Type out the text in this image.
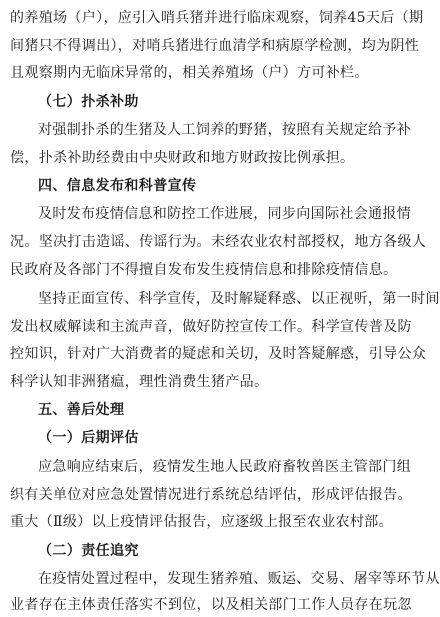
的养殖场（户），应引入哨兵猪并进行临床观察，饲养45天后（期
间猪只不得调出），对哨兵猪进行血清学和病原学检测，均为阴性
且观察期内无临床异常的，相关养殖场（户）方可补栏。
（七）扑杀补助
对强制扑杀的生猪及人工饲养的野猪，按照有关规定给予补
偿，扑杀补助经费由中央财政和地方财政按比例承担。
四、信息发布和科普宣传
及时发布疫情信息和防控工作进展，同步向国际社会通报情
况。坚决打击造谣、传谣行为。未经农业农村部授权，地方各级人
民政府及各部门不得擅自发布发生疫情信息和排除疫情信息。
坚持正面宣传、科学宣传，及时解疑释惑、以正视听，第一时间
发出权威解读和主流声音，做好防控宣传工作。科学宣传普及防
控知识，针对广大消费者的疑虑和关切，及时答疑解惑，引导公众
科学认知非洲猪瘟，理性消费生猪产品。
五、善后处理
（一）后期评估
应急响应结束后，疫情发生地人民政府畜牧兽医主管部门组
织有关单位对应急处置情况进行系统总结评估，形成评估报告。
重大（Ⅱ级）以上疫情评估报告，应逐级上报至农业农村部。
（二）责任追究
在疫情处置过程中，发现生猪养殖、贩运、交易、屠宰等环节从
业者存在主体责任落实不到位，以及相关部门工作人员存在玩忽
